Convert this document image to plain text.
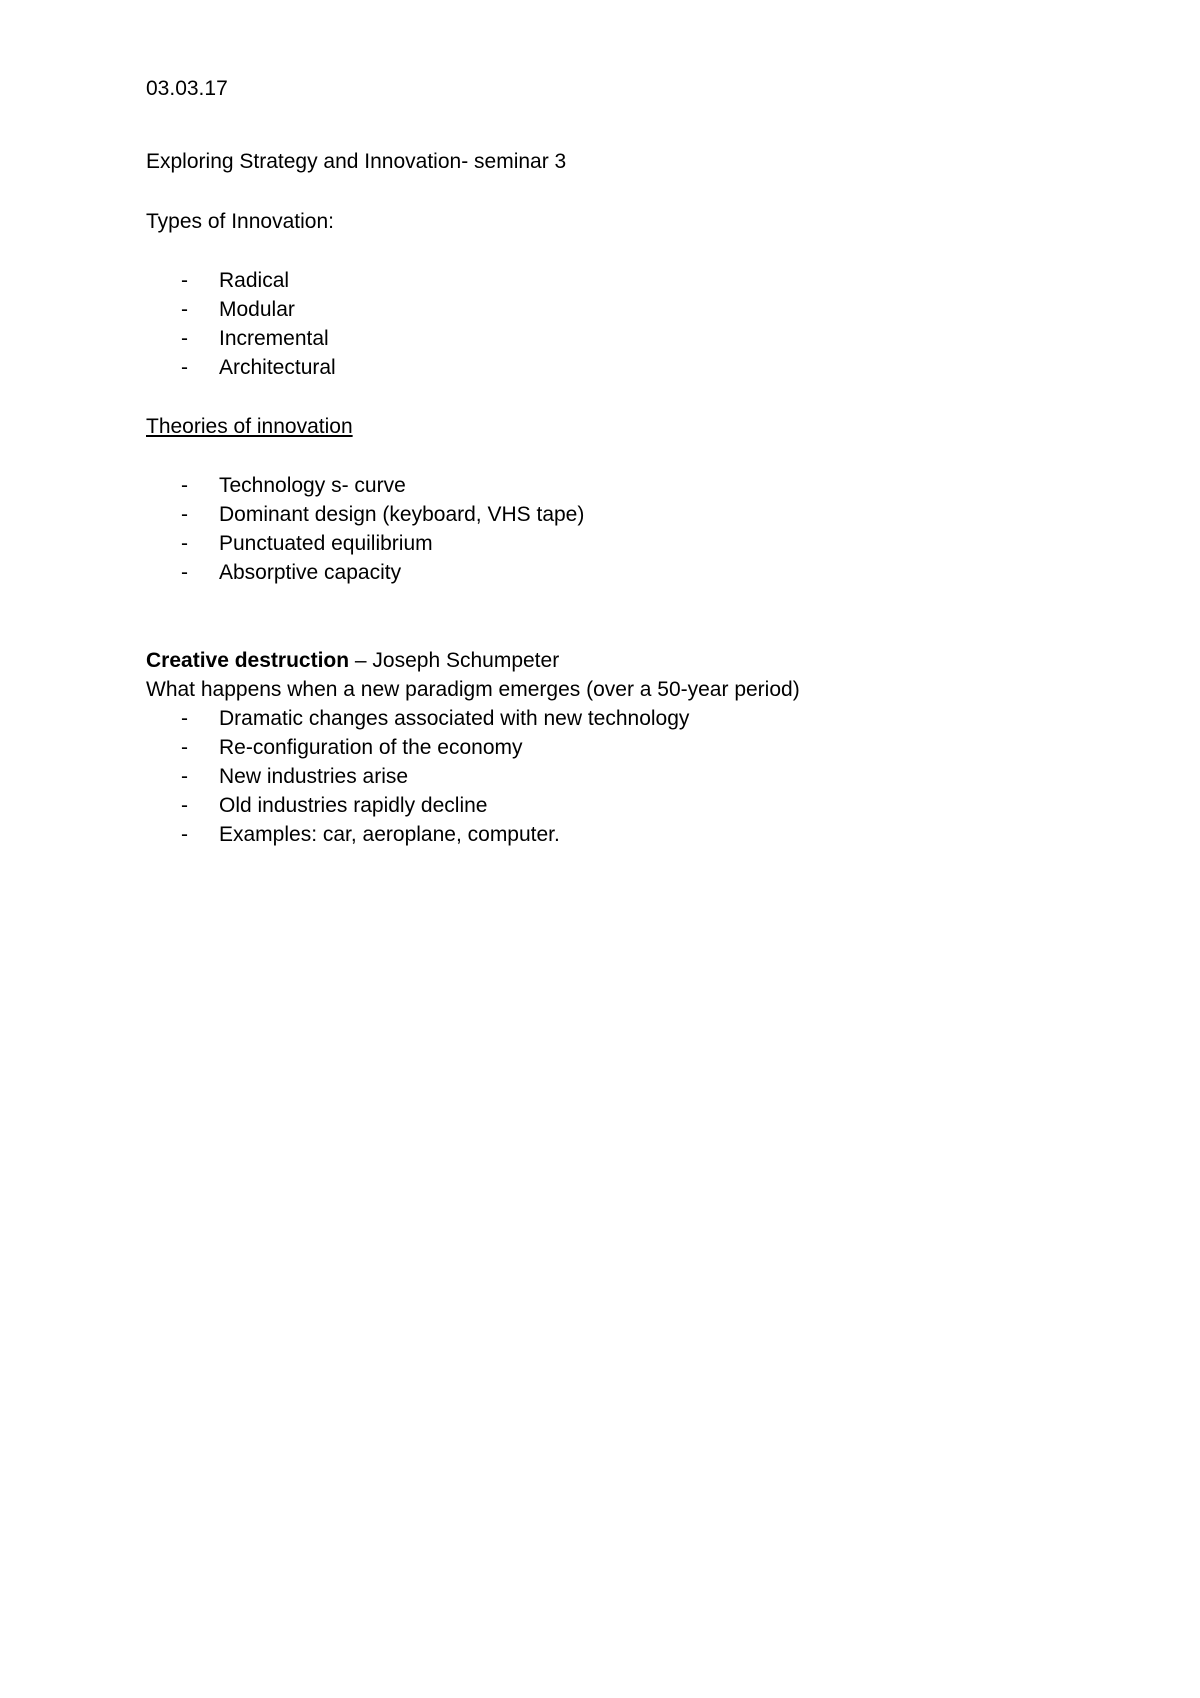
03.03.17

Exploring Strategy and Innovation- seminar 3

Types of Innovation:

- Radical
- Modular
- Incremental
- Architectural

Theories of innovation

- Technology s- curve
- Dominant design (keyboard, VHS tape)
- Punctuated equilibrium
- Absorptive capacity

Creative destruction – Joseph Schumpeter

What happens when a new paradigm emerges (over a 50-year period)

- Dramatic changes associated with new technology
- Re-configuration of the economy
- New industries arise
- Old industries rapidly decline
- Examples: car, aeroplane, computer.
